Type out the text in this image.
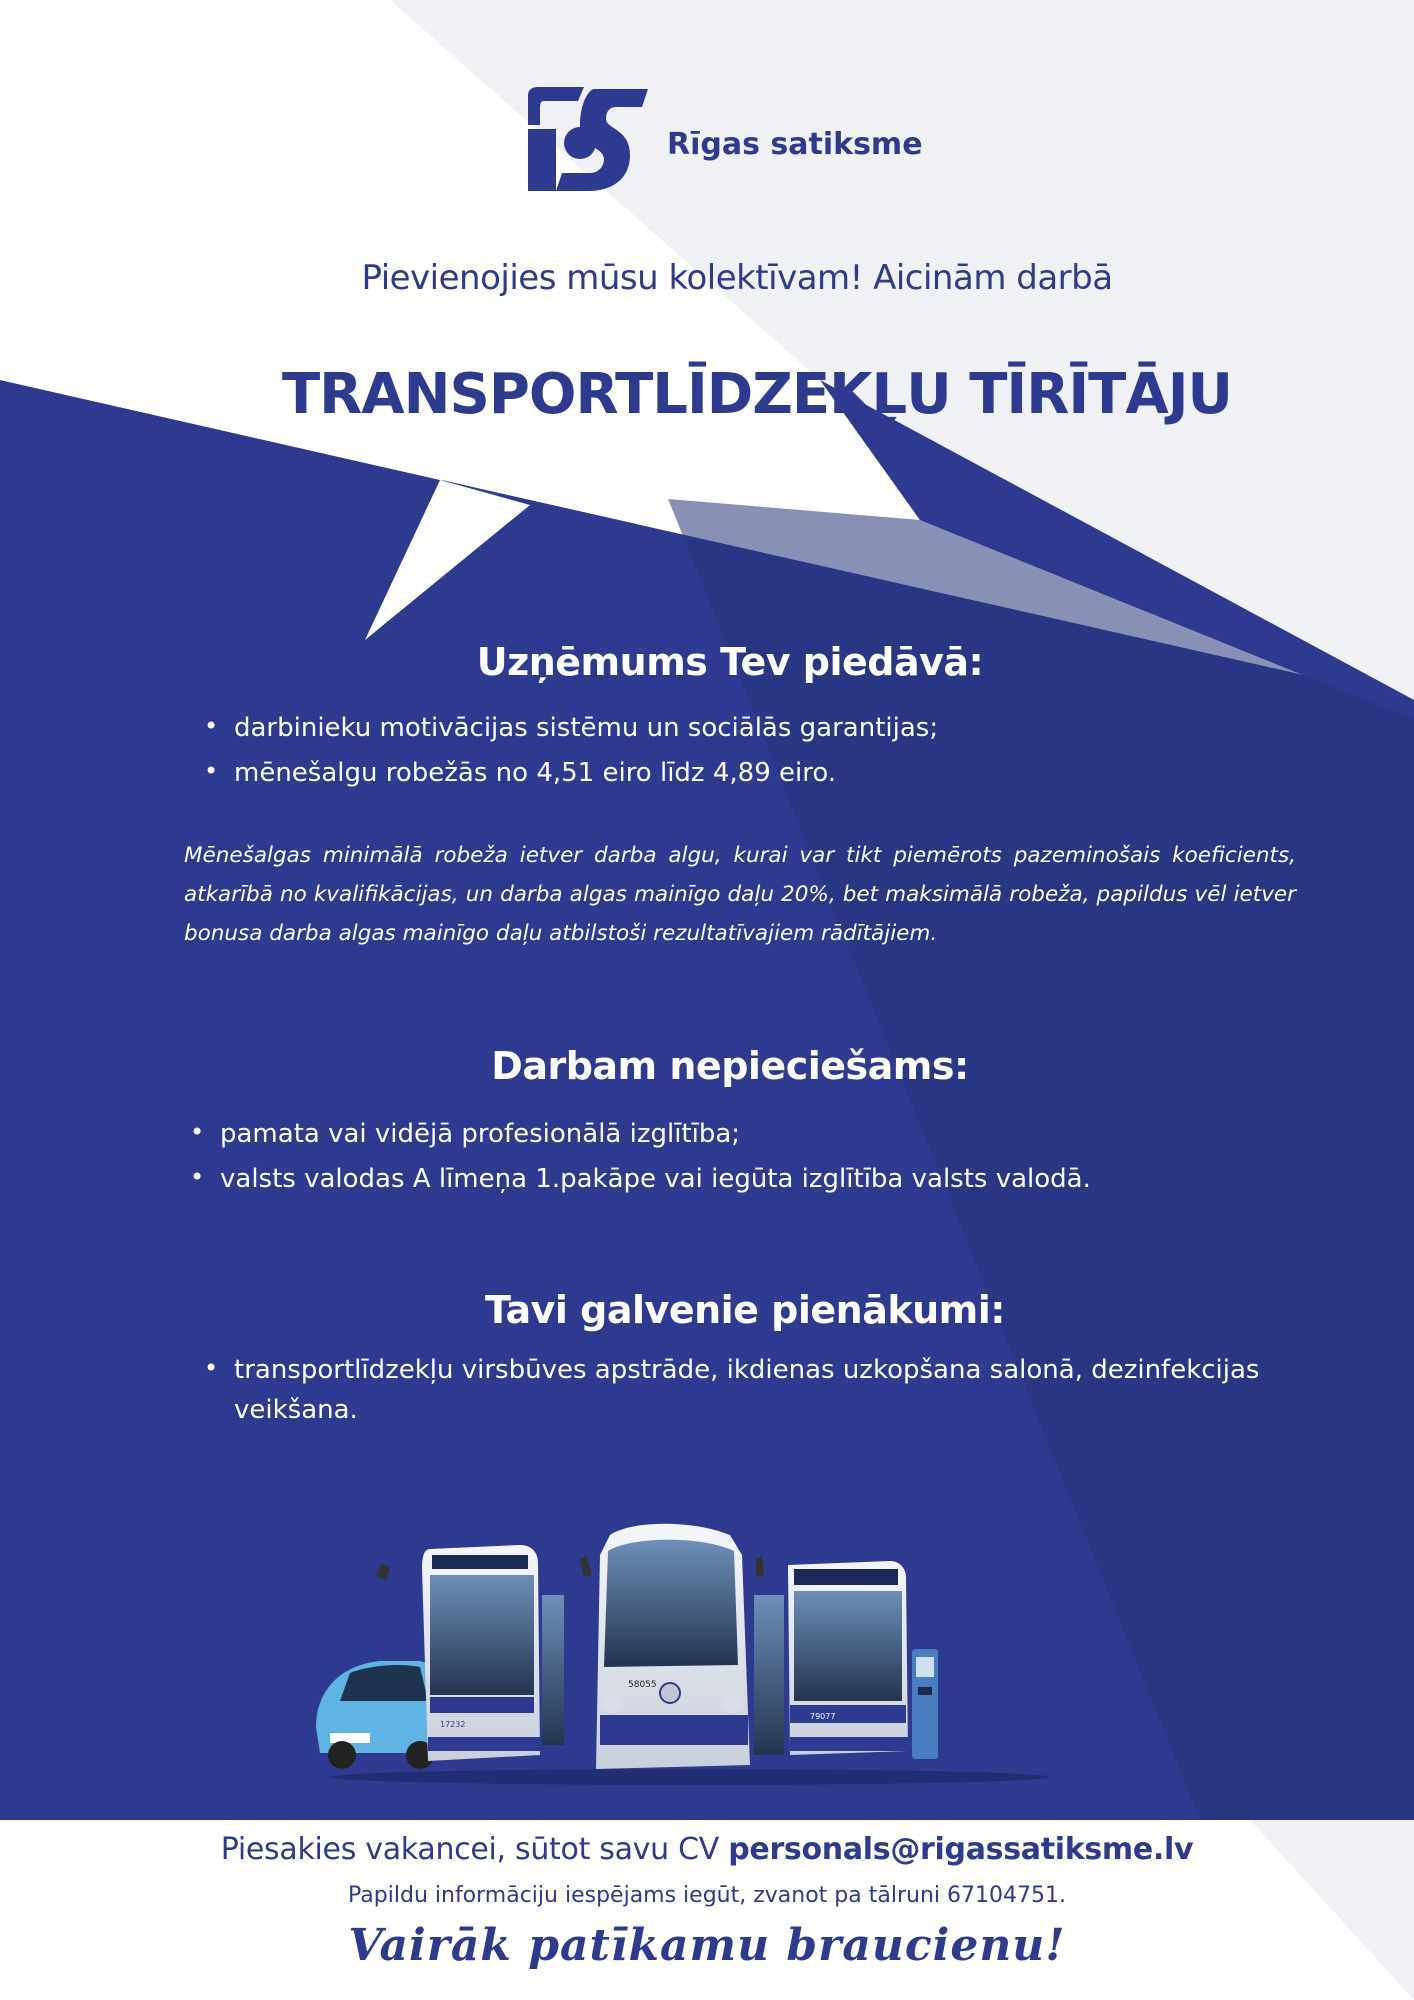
Rīgas satiksme
Pievienojies mūsu kolektīvam! Aicinām darbā
TRANSPORTLĪDZEKĻU TĪRĪTĀJU
Uzņēmums Tev piedāvā:
• darbinieku motivācijas sistēmu un sociālās garantijas;
• mēnešalgu robežās no 4,51 eiro līdz 4,89 eiro.
Mēnešalgas minimālā robeža ietver darba algu, kurai var tikt piemērots pazeminošais koeficients, atkarībā no kvalifikācijas, un darba algas mainīgo daļu 20%, bet maksimālā robeža, papildus vēl ietver bonusa darba algas mainīgo daļu atbilstoši rezultatīvajiem rādītājiem.
Darbam nepieciešams:
• pamata vai vidējā profesionālā izglītība;
• valsts valodas A līmeņa 1.pakāpe vai iegūta izglītība valsts valodā.
Tavi galvenie pienākumi:
• transportlīdzekļu virsbūves apstrāde, ikdienas uzkopšana salonā, dezinfekcijas veikšana.
17232
58055
79077
Piesakies vakancei, sūtot savu CV personals@rigassatiksme.lv
Papildu informāciju iespējams iegūt, zvanot pa tālruni 67104751.
Vairāk patīkamu braucienu!
